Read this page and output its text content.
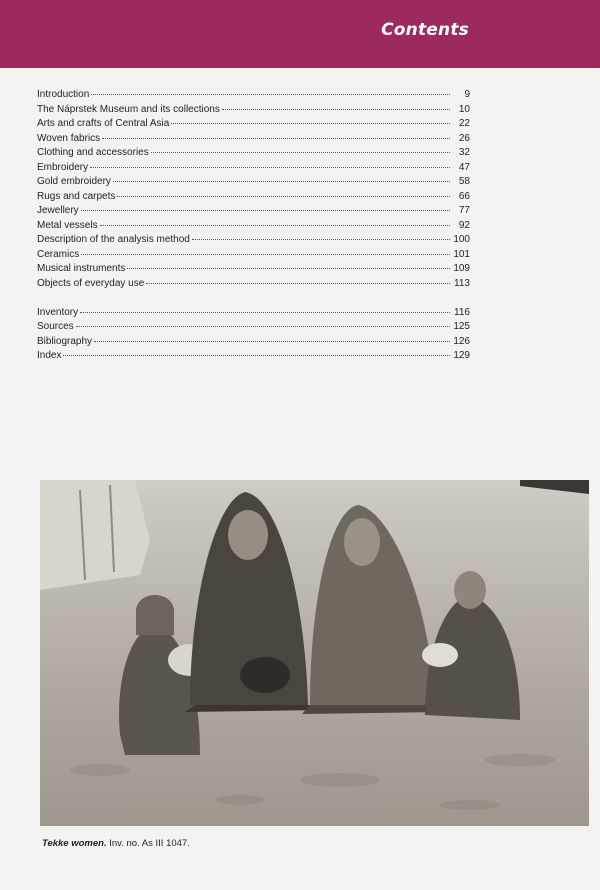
Contents
Introduction	9
The Náprstek Museum and its collections	10
Arts and crafts of Central Asia	22
Woven fabrics	26
Clothing and accessories	32
Embroidery	47
Gold embroidery	58
Rugs and carpets	66
Jewellery	77
Metal vessels	92
Description of the analysis method	100
Ceramics	101
Musical instruments	109
Objects of everyday use	113
Inventory	116
Sources	125
Bibliography	126
Index	129
Tekke women. Inv. no. As III 1047.
